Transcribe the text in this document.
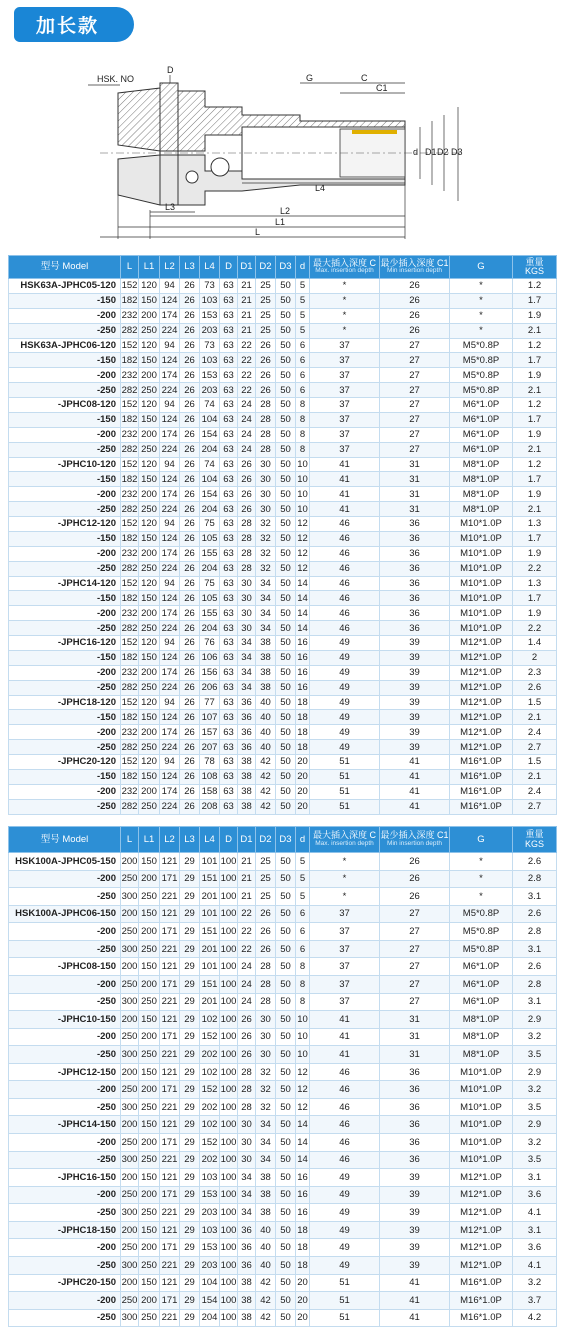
加长款
HSK. NO
D
G	C
C1
d D1 D2 D3
L3
L4
L2
L1
L
型号 Model	L	L1	L2	L3	L4	D	D1	D2	D3	d	最大插入深度 C
Max. insertion depth	最少插入深度 C1
Min insertion depth	G	重量
KGS

HSK63A-JPHC05-120	152	120	94	26	73	63	21	25	50	5	*	26	*	1.2
-150	182	150	124	26	103	63	21	25	50	5	*	26	*	1.7
-200	232	200	174	26	153	63	21	25	50	5	*	26	*	1.9
-250	282	250	224	26	203	63	21	25	50	5	*	26	*	2.1
HSK63A-JPHC06-120	152	120	94	26	73	63	22	26	50	6	37	27	M5*0.8P	1.2
-150	182	150	124	26	103	63	22	26	50	6	37	27	M5*0.8P	1.7
-200	232	200	174	26	153	63	22	26	50	6	37	27	M5*0.8P	1.9
-250	282	250	224	26	203	63	22	26	50	6	37	27	M5*0.8P	2.1
-JPHC08-120	152	120	94	26	74	63	24	28	50	8	37	27	M6*1.0P	1.2
-150	182	150	124	26	104	63	24	28	50	8	37	27	M6*1.0P	1.7
-200	232	200	174	26	154	63	24	28	50	8	37	27	M6*1.0P	1.9
-250	282	250	224	26	204	63	24	28	50	8	37	27	M6*1.0P	2.1
-JPHC10-120	152	120	94	26	74	63	26	30	50	10	41	31	M8*1.0P	1.2
-150	182	150	124	26	104	63	26	30	50	10	41	31	M8*1.0P	1.7
-200	232	200	174	26	154	63	26	30	50	10	41	31	M8*1.0P	1.9
-250	282	250	224	26	204	63	26	30	50	10	41	31	M8*1.0P	2.1
-JPHC12-120	152	120	94	26	75	63	28	32	50	12	46	36	M10*1.0P	1.3
-150	182	150	124	26	105	63	28	32	50	12	46	36	M10*1.0P	1.7
-200	232	200	174	26	155	63	28	32	50	12	46	36	M10*1.0P	1.9
-250	282	250	224	26	204	63	28	32	50	12	46	36	M10*1.0P	2.2
-JPHC14-120	152	120	94	26	75	63	30	34	50	14	46	36	M10*1.0P	1.3
-150	182	150	124	26	105	63	30	34	50	14	46	36	M10*1.0P	1.7
-200	232	200	174	26	155	63	30	34	50	14	46	36	M10*1.0P	1.9
-250	282	250	224	26	204	63	30	34	50	14	46	36	M10*1.0P	2.2
-JPHC16-120	152	120	94	26	76	63	34	38	50	16	49	39	M12*1.0P	1.4
-150	182	150	124	26	106	63	34	38	50	16	49	39	M12*1.0P	2
-200	232	200	174	26	156	63	34	38	50	16	49	39	M12*1.0P	2.3
-250	282	250	224	26	206	63	34	38	50	16	49	39	M12*1.0P	2.6
-JPHC18-120	152	120	94	26	77	63	36	40	50	18	49	39	M12*1.0P	1.5
-150	182	150	124	26	107	63	36	40	50	18	49	39	M12*1.0P	2.1
-200	232	200	174	26	157	63	36	40	50	18	49	39	M12*1.0P	2.4
-250	282	250	224	26	207	63	36	40	50	18	49	39	M12*1.0P	2.7
-JPHC20-120	152	120	94	26	78	63	38	42	50	20	51	41	M16*1.0P	1.5
-150	182	150	124	26	108	63	38	42	50	20	51	41	M16*1.0P	2.1
-200	232	200	174	26	158	63	38	42	50	20	51	41	M16*1.0P	2.4
-250	282	250	224	26	208	63	38	42	50	20	51	41	M16*1.0P	2.7
型号 Model	L	L1	L2	L3	L4	D	D1	D2	D3	d	最大插入深度 C
Max. insertion depth	最少插入深度 C1
Min insertion depth	G	重量
KGS

HSK100A-JPHC05-150	200	150	121	29	101	100	21	25	50	5	*	26	*	2.6
-200	250	200	171	29	151	100	21	25	50	5	*	26	*	2.8
-250	300	250	221	29	201	100	21	25	50	5	*	26	*	3.1
HSK100A-JPHC06-150	200	150	121	29	101	100	22	26	50	6	37	27	M5*0.8P	2.6
-200	250	200	171	29	151	100	22	26	50	6	37	27	M5*0.8P	2.8
-250	300	250	221	29	201	100	22	26	50	6	37	27	M5*0.8P	3.1
-JPHC08-150	200	150	121	29	101	100	24	28	50	8	37	27	M6*1.0P	2.6
-200	250	200	171	29	151	100	24	28	50	8	37	27	M6*1.0P	2.8
-250	300	250	221	29	201	100	24	28	50	8	37	27	M6*1.0P	3.1
-JPHC10-150	200	150	121	29	102	100	26	30	50	10	41	31	M8*1.0P	2.9
-200	250	200	171	29	152	100	26	30	50	10	41	31	M8*1.0P	3.2
-250	300	250	221	29	202	100	26	30	50	10	41	31	M8*1.0P	3.5
-JPHC12-150	200	150	121	29	102	100	28	32	50	12	46	36	M10*1.0P	2.9
-200	250	200	171	29	152	100	28	32	50	12	46	36	M10*1.0P	3.2
-250	300	250	221	29	202	100	28	32	50	12	46	36	M10*1.0P	3.5
-JPHC14-150	200	150	121	29	102	100	30	34	50	14	46	36	M10*1.0P	2.9
-200	250	200	171	29	152	100	30	34	50	14	46	36	M10*1.0P	3.2
-250	300	250	221	29	202	100	30	34	50	14	46	36	M10*1.0P	3.5
-JPHC16-150	200	150	121	29	103	100	34	38	50	16	49	39	M12*1.0P	3.1
-200	250	200	171	29	153	100	34	38	50	16	49	39	M12*1.0P	3.6
-250	300	250	221	29	203	100	34	38	50	16	49	39	M12*1.0P	4.1
-JPHC18-150	200	150	121	29	103	100	36	40	50	18	49	39	M12*1.0P	3.1
-200	250	200	171	29	153	100	36	40	50	18	49	39	M12*1.0P	3.6
-250	300	250	221	29	203	100	36	40	50	18	49	39	M12*1.0P	4.1
-JPHC20-150	200	150	121	29	104	100	38	42	50	20	51	41	M16*1.0P	3.2
-200	250	200	171	29	154	100	38	42	50	20	51	41	M16*1.0P	3.7
-250	300	250	221	29	204	100	38	42	50	20	51	41	M16*1.0P	4.2
